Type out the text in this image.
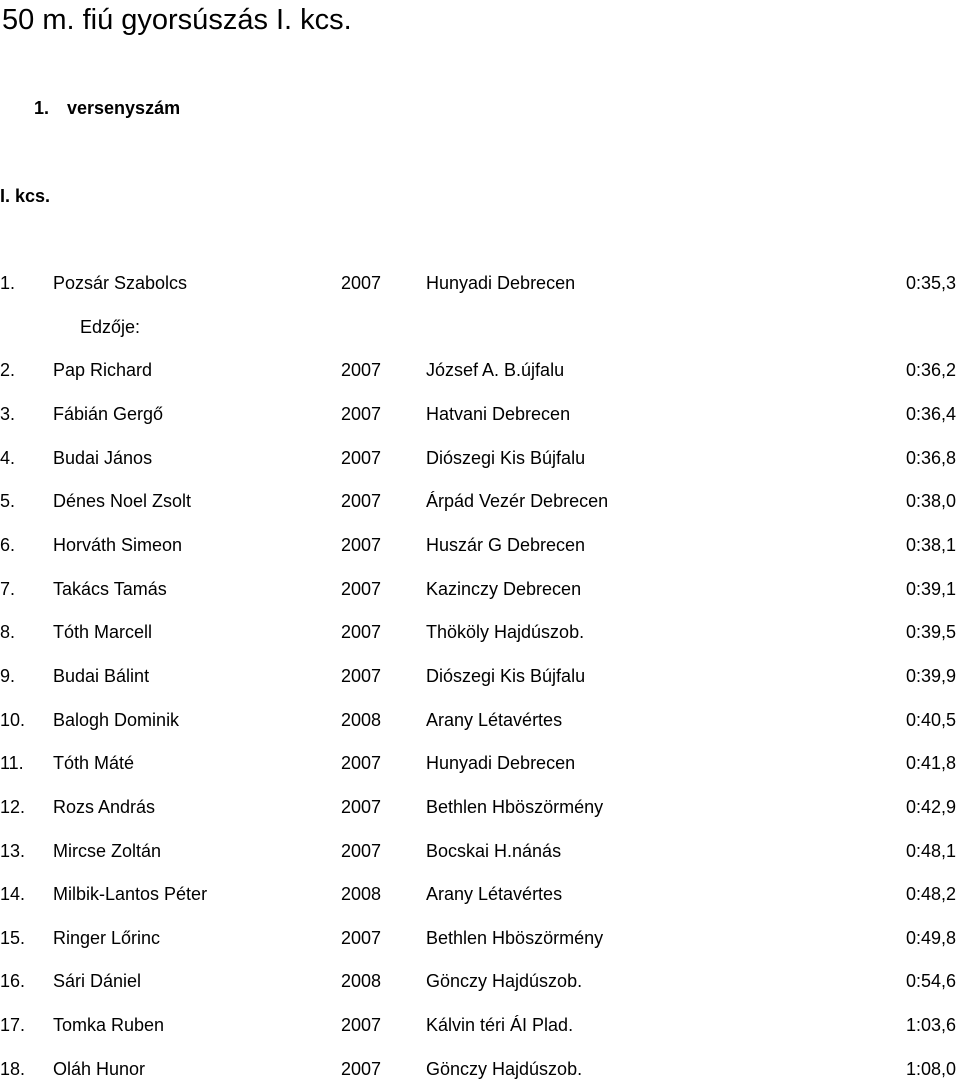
50 m. fiú gyorsúszás I. kcs.
1. versenyszám
I. kcs.
Edzője:
1. Pozsár Szabolcs	2007 Hunyadi Debrecen	0:35,3
2. Pap Richard	2007 József A. B.újfalu	0:36,2
3. Fábián Gergő	2007 Hatvani Debrecen	0:36,4
4. Budai János	2007 Diószegi Kis Bújfalu	0:36,8
5. Dénes Noel Zsolt	2007 Árpád Vezér Debrecen	0:38,0
6. Horváth Simeon	2007 Huszár G Debrecen	0:38,1
7. Takács Tamás	2007 Kazinczy Debrecen	0:39,1
8. Tóth Marcell	2007 Thököly Hajdúszob.	0:39,5
9. Budai Bálint	2007 Diószegi Kis Bújfalu	0:39,9
10. Balogh Dominik	2008 Arany Létavértes	0:40,5
11. Tóth Máté	2007 Hunyadi Debrecen	0:41,8
12. Rozs András	2007 Bethlen Hböszörmény	0:42,9
13. Mircse Zoltán	2007 Bocskai H.nánás	0:48,1
14. Milbik-Lantos Péter	2008 Arany Létavértes	0:48,2
15. Ringer Lőrinc	2007 Bethlen Hböszörmény	0:49,8
16. Sári Dániel	2008 Gönczy Hajdúszob.	0:54,6
17. Tomka Ruben	2007 Kálvin téri ÁI Plad.	1:03,6
18. Oláh Hunor	2007 Gönczy Hajdúszob.	1:08,0
